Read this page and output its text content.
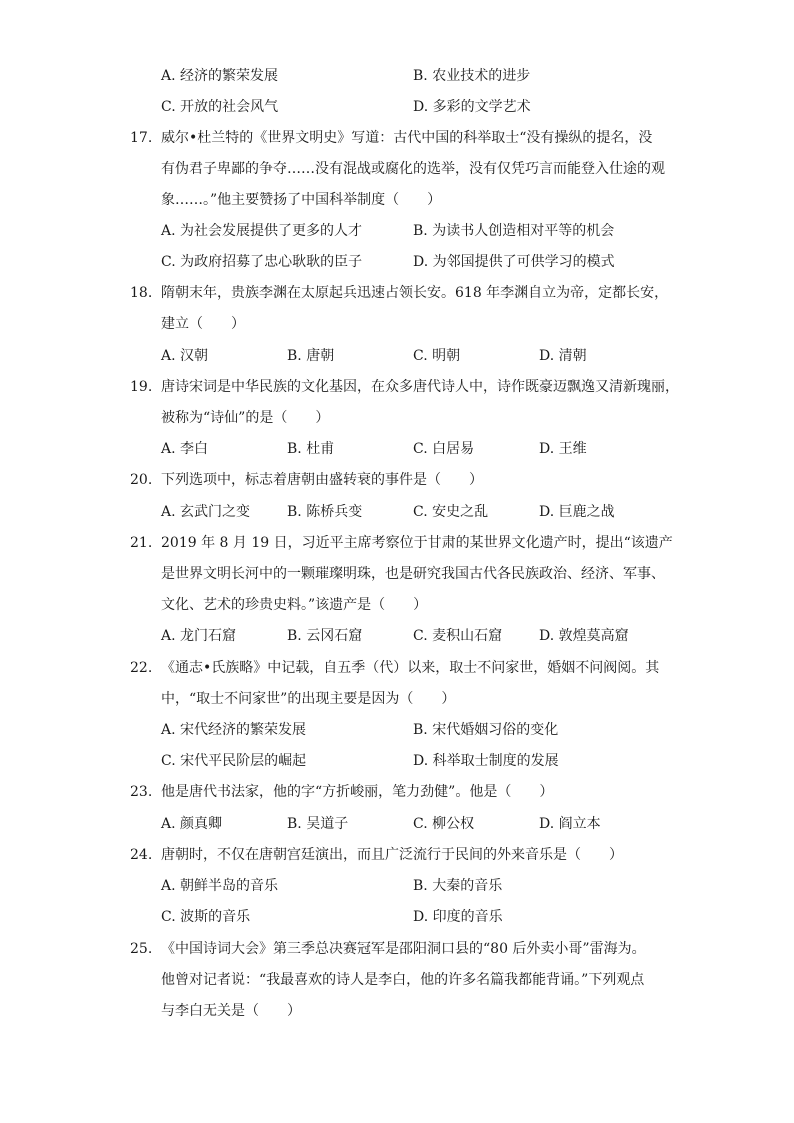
A. 经济的繁荣发展	B. 农业技术的进步
C. 开放的社会风气	D. 多彩的文学艺术
17. 威尔•杜兰特的《世界文明史》写道：古代中国的科举取士“没有操纵的提名，没
有伪君子卑鄙的争夺……没有混战或腐化的选举，没有仅凭巧言而能登入仕途的观
象……。”他主要赞扬了中国科举制度（　　）
A. 为社会发展提供了更多的人才	B. 为读书人创造相对平等的机会
C. 为政府招募了忠心耿耿的臣子	D. 为邻国提供了可供学习的模式
18. 隋朝末年，贵族李渊在太原起兵迅速占领长安。618 年李渊自立为帝，定都长安，
建立（　　）
A. 汉朝	B. 唐朝	C. 明朝	D. 清朝
19. 唐诗宋词是中华民族的文化基因，在众多唐代诗人中，诗作既豪迈飘逸又清新瑰丽，
被称为“诗仙”的是（　　）
A. 李白	B. 杜甫	C. 白居易	D. 王维
20. 下列选项中，标志着唐朝由盛转衰的事件是（　　）
A. 玄武门之变	B. 陈桥兵变	C. 安史之乱	D. 巨鹿之战
21. 2019 年 8 月 19 日，习近平主席考察位于甘肃的某世界文化遗产时，提出“该遗产
是世界文明长河中的一颗璀璨明珠，也是研究我国古代各民族政治、经济、军事、
文化、艺术的珍贵史料。”该遗产是（　　）
A. 龙门石窟	B. 云冈石窟	C. 麦积山石窟	D. 敦煌莫高窟
22. 《通志•氏族略》中记载，自五季（代）以来，取士不问家世，婚姻不问阀阅。其
中，“取士不问家世”的出现主要是因为（　　）
A. 宋代经济的繁荣发展	B. 宋代婚姻习俗的变化
C. 宋代平民阶层的崛起	D. 科举取士制度的发展
23. 他是唐代书法家，他的字“方折峻丽，笔力劲健”。他是（　　）
A. 颜真卿	B. 吴道子	C. 柳公权	D. 阎立本
24. 唐朝时，不仅在唐朝宫廷演出，而且广泛流行于民间的外来音乐是（　　）
A. 朝鲜半岛的音乐	B. 大秦的音乐
C. 波斯的音乐	D. 印度的音乐
25. 《中国诗词大会》第三季总决赛冠军是邵阳洞口县的“80 后外卖小哥”雷海为。
他曾对记者说：“我最喜欢的诗人是李白，他的许多名篇我都能背诵。”下列观点
与李白无关是（　　）
